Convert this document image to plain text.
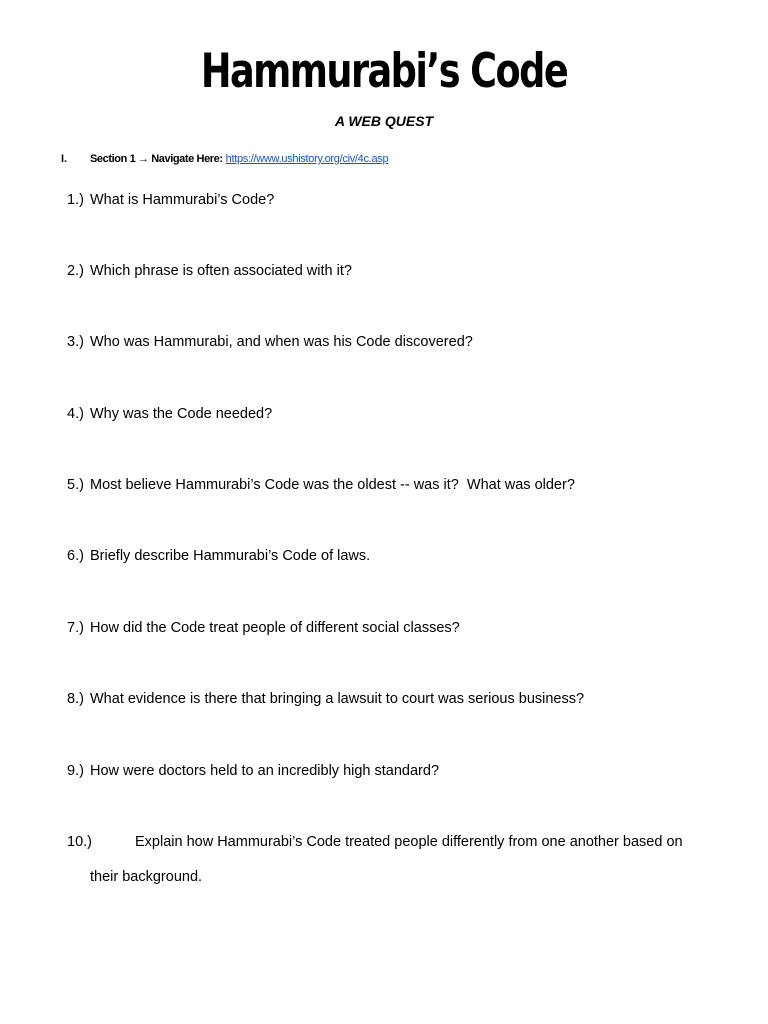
Hammurabi’s Code
A WEB QUEST
I.	Section 1 → Navigate Here: https://www.ushistory.org/civ/4c.asp
1.) What is Hammurabi’s Code?
2.) Which phrase is often associated with it?
3.) Who was Hammurabi, and when was his Code discovered?
4.) Why was the Code needed?
5.) Most believe Hammurabi’s Code was the oldest -- was it?  What was older?
6.) Briefly describe Hammurabi’s Code of laws.
7.) How did the Code treat people of different social classes?
8.) What evidence is there that bringing a lawsuit to court was serious business?
9.) How were doctors held to an incredibly high standard?
10.)	Explain how Hammurabi’s Code treated people differently from one another based on
their background.
